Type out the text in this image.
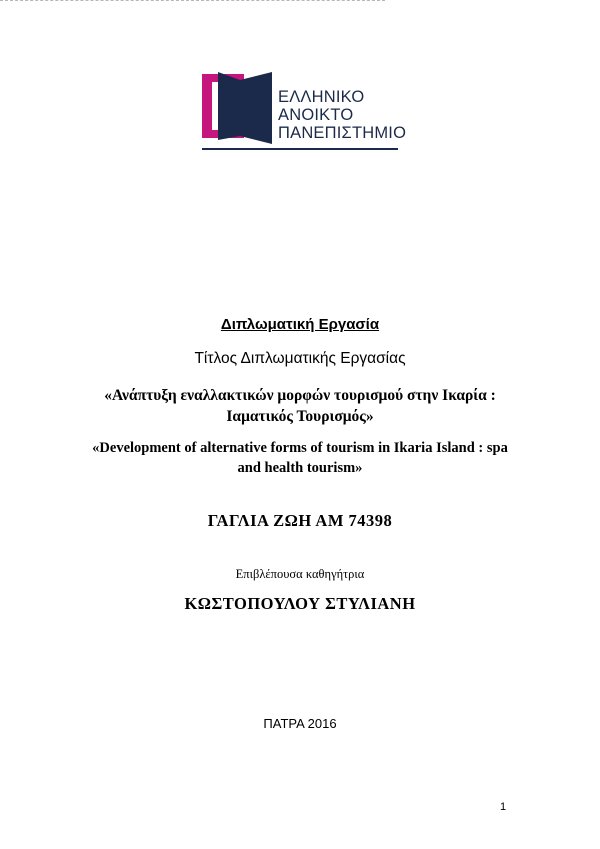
ΕΛΛΗΝΙΚΟ
ΑΝΟΙΚΤΟ
ΠΑΝΕΠΙΣΤΗΜΙΟ
Διπλωματική Εργασία
Τίτλος Διπλωματικής Εργασίας
«Ανάπτυξη εναλλακτικών μορφών τουρισμού στην Ικαρία :
Ιαματικός Τουρισμός»
«Development of alternative forms of tourism in Ikaria Island : spa
and health tourism»
ΓΑΓΛΙΑ ΖΩΗ ΑΜ 74398
Επιβλέπουσα καθηγήτρια
ΚΩΣΤΟΠΟΥΛΟΥ ΣΤΥΛΙΑΝΗ
ΠΑΤΡΑ 2016
1
